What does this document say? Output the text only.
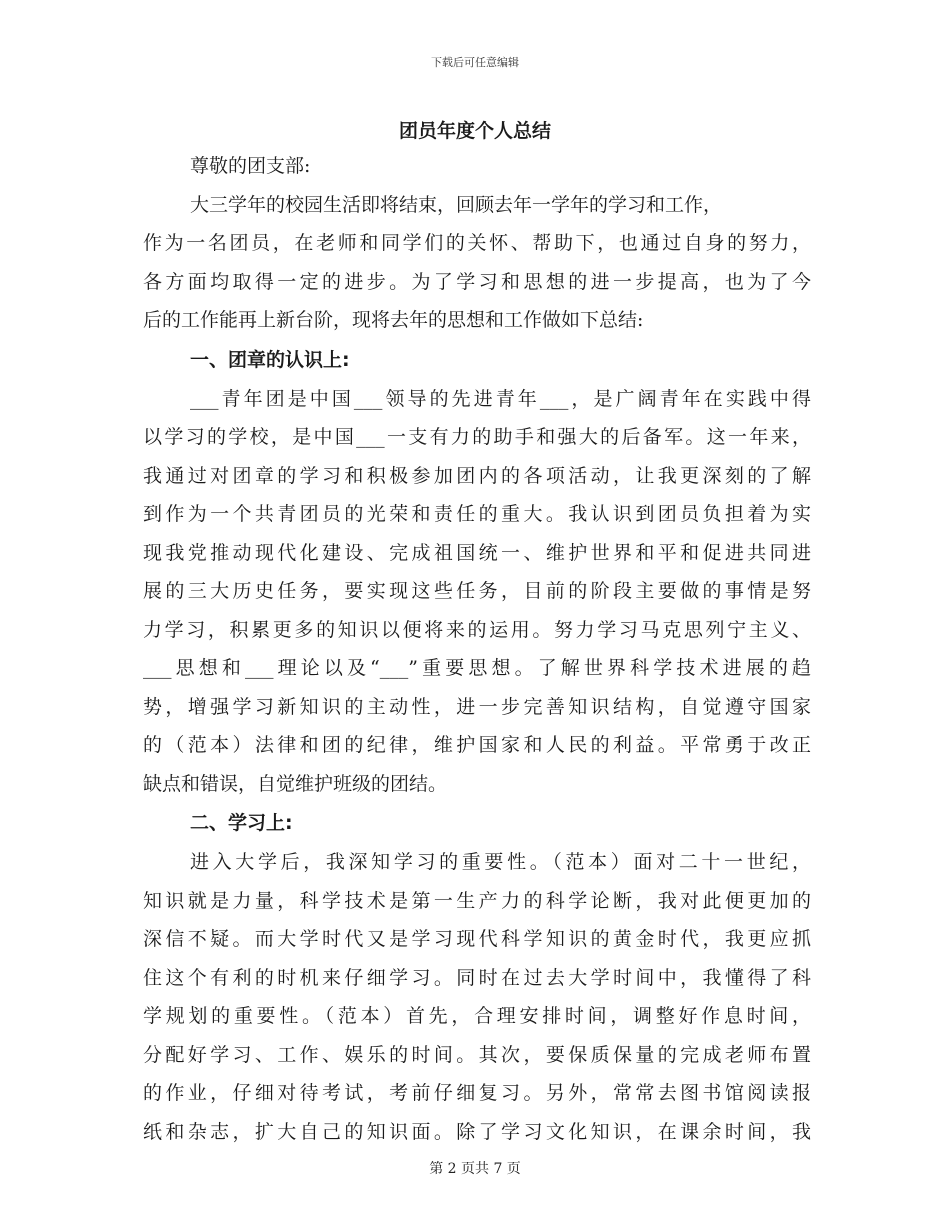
下载后可任意编辑
团员年度个人总结
尊敬的团支部:
大三学年的校园生活即将结束，回顾去年一学年的学习和工作，
作为一名团员，在老师和同学们的关怀、帮助下，也通过自身的努力，
各方面均取得一定的进步。为了学习和思想的进一步提高，也为了今
后的工作能再上新台阶，现将去年的思想和工作做如下总结:
一、团章的认识上:
___青年团是中国___领导的先进青年___，是广阔青年在实践中得
以学习的学校，是中国___一支有力的助手和强大的后备军。这一年来，
我通过对团章的学习和积极参加团内的各项活动，让我更深刻的了解
到作为一个共青团员的光荣和责任的重大。我认识到团员负担着为实
现我党推动现代化建设、完成祖国统一、维护世界和平和促进共同进
展的三大历史任务，要实现这些任务，目前的阶段主要做的事情是努
力学习，积累更多的知识以便将来的运用。努力学习马克思列宁主义、
___思想和___理论以及“___”重要思想。了解世界科学技术进展的趋
势，增强学习新知识的主动性，进一步完善知识结构，自觉遵守国家
的（范本）法律和团的纪律，维护国家和人民的利益。平常勇于改正
缺点和错误，自觉维护班级的团结。
二、学习上:
进入大学后，我深知学习的重要性。（范本）面对二十一世纪，
知识就是力量，科学技术是第一生产力的科学论断，我对此便更加的
深信不疑。而大学时代又是学习现代科学知识的黄金时代，我更应抓
住这个有利的时机来仔细学习。同时在过去大学时间中，我懂得了科
学规划的重要性。（范本）首先，合理安排时间，调整好作息时间，
分配好学习、工作、娱乐的时间。其次，要保质保量的完成老师布置
的作业，仔细对待考试，考前仔细复习。另外，常常去图书馆阅读报
纸和杂志，扩大自己的知识面。除了学习文化知识，在课余时间，我
第 2 页共 7 页
